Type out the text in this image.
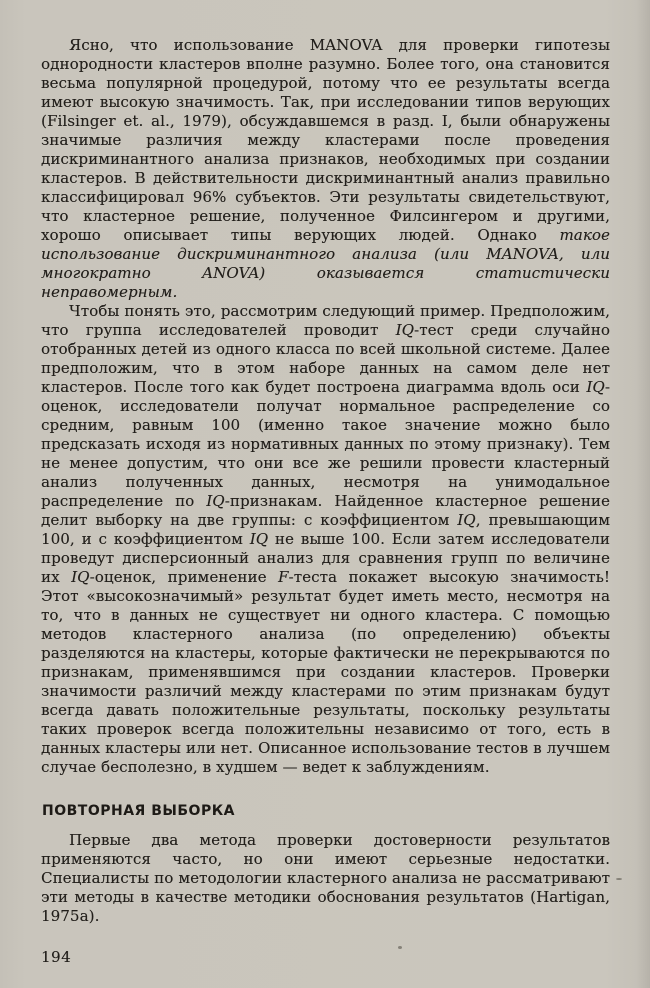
Ясно, что использование MANOVA для проверки гипотезы однородности кластеров вполне разумно. Более того, она становится весьма популярной процедурой, потому что ее результаты всегда имеют высокую значимость. Так, при исследовании типов верующих (Filsinger et. al., 1979), обсуждавшемся в разд. I, были обнаружены значимые различия между кластерами после проведения дискриминантного анализа признаков, необходимых при создании кластеров. В действительности дискриминантный анализ правильно классифицировал 96% субъектов. Эти результаты свидетельствуют, что кластерное решение, полученное Филсингером и другими, хорошо описывает типы верующих людей. Однако такое использование дискриминантного анализа (или MANOVA, или многократно ANOVA) оказывается статистически неправомерным.

Чтобы понять это, рассмотрим следующий пример. Предположим, что группа исследователей проводит IQ-тест среди случайно отобранных детей из одного класса по всей школьной системе. Далее предположим, что в этом наборе данных на самом деле нет кластеров. После того как будет построена диаграмма вдоль оси IQ-оценок, исследователи получат нормальное распределение со средним, равным 100 (именно такое значение можно было предсказать исходя из нормативных данных по этому признаку). Тем не менее допустим, что они все же решили провести кластерный анализ полученных данных, несмотря на унимодальное распределение по IQ-признакам. Найденное кластерное решение делит выборку на две группы: с коэффициентом IQ, превышающим 100, и с коэффициентом IQ не выше 100. Если затем исследователи проведут дисперсионный анализ для сравнения групп по величине их IQ-оценок, применение F-теста покажет высокую значимость! Этот «высокозначимый» результат будет иметь место, несмотря на то, что в данных не существует ни одного кластера. С помощью методов кластерного анализа (по определению) объекты разделяются на кластеры, которые фактически не перекрываются по признакам, применявшимся при создании кластеров. Проверки значимости различий между кластерами по этим признакам будут всегда давать положительные результаты, поскольку результаты таких проверок всегда положительны независимо от того, есть в данных кластеры или нет. Описанное использование тестов в лучшем случае бесполезно, в худшем — ведет к заблуждениям.

ПОВТОРНАЯ ВЫБОРКА

Первые два метода проверки достоверности результатов применяются часто, но они имеют серьезные недостатки. Специалисты по методологии кластерного анализа не рассматривают эти методы в качестве методики обоснования результатов (Hartigan, 1975a).

194
